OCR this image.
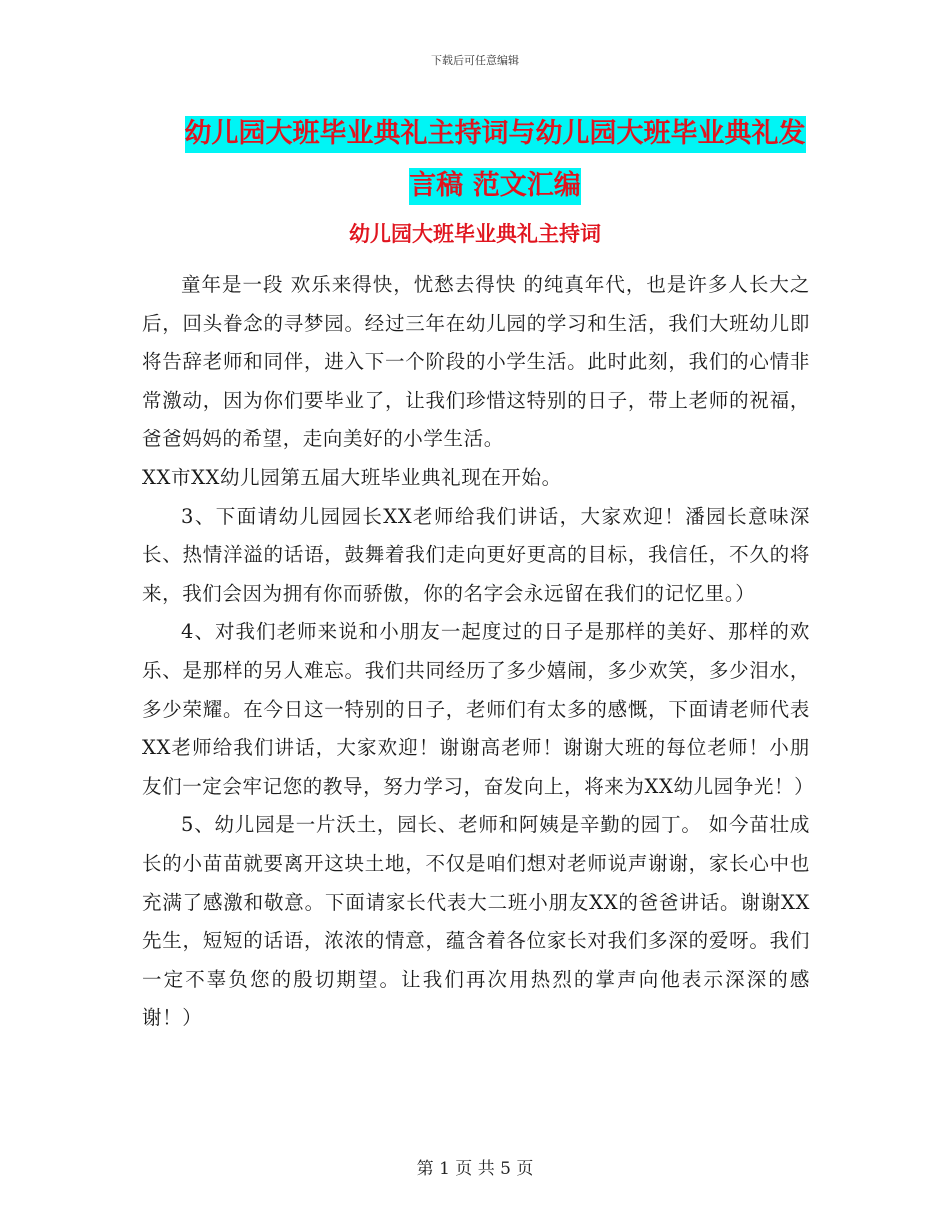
下载后可任意编辑
幼儿园大班毕业典礼主持词与幼儿园大班毕业典礼发
言稿 范文汇编
幼儿园大班毕业典礼主持词

童年是一段 欢乐来得快，忧愁去得快 的纯真年代，也是许多人长大之后，回头眷念的寻梦园。经过三年在幼儿园的学习和生活，我们大班幼儿即将告辞老师和同伴，进入下一个阶段的小学生活。此时此刻，我们的心情非常激动，因为你们要毕业了，让我们珍惜这特别的日子，带上老师的祝福，爸爸妈妈的希望，走向美好的小学生活。

XX市XX幼儿园第五届大班毕业典礼现在开始。

3、下面请幼儿园园长XX老师给我们讲话，大家欢迎！潘园长意味深长、热情洋溢的话语，鼓舞着我们走向更好更高的目标，我信任，不久的将来，我们会因为拥有你而骄傲，你的名字会永远留在我们的记忆里。）

4、对我们老师来说和小朋友一起度过的日子是那样的美好、那样的欢乐、是那样的另人难忘。我们共同经历了多少嬉闹，多少欢笑，多少泪水，多少荣耀。在今日这一特别的日子，老师们有太多的感慨，下面请老师代表XX老师给我们讲话，大家欢迎！谢谢高老师！谢谢大班的每位老师！小朋友们一定会牢记您的教导，努力学习，奋发向上，将来为XX幼儿园争光！）

5、幼儿园是一片沃土，园长、老师和阿姨是辛勤的园丁。 如今苗壮成长的小苗苗就要离开这块土地，不仅是咱们想对老师说声谢谢，家长心中也充满了感激和敬意。下面请家长代表大二班小朋友XX的爸爸讲话。谢谢XX先生，短短的话语，浓浓的情意，蕴含着各位家长对我们多深的爱呀。我们一定不辜负您的殷切期望。让我们再次用热烈的掌声向他表示深深的感谢！）

第 1 页 共 5 页
